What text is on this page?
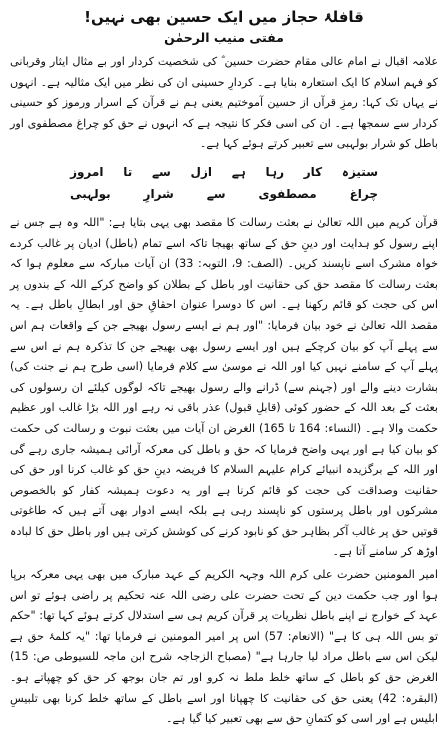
قافلۂ حجاز میں ایک حسین بھی نہیں!
مفتی منیب الرحمٰن

علامہ اقبال نے امام عالی مقام حضرت حسین ؓ کی شخصیت کردار اور بے مثال ایثار وقربانی کو فہم اسلام کا ایک استعارہ بنایا ہے۔ کردارِ حسینی ان کی نظر میں ایک مثالیہ ہے۔ انہوں نے یہاں تک کہا: رمزِ قرآں از حسین آموختیم یعنی ہم نے قرآن کے اسرار ورموز کو حسینی کردار سے سمجھا ہے۔ ان کی اسی فکر کا نتیجہ ہے کہ انہوں نے حق کو چراغ مصطفوی اور باطل کو شرار بولہبی سے تعبیر کرتے ہوئے کہا ہے۔

ستیزہ
کار
رہا
ہے
ازل
سے
تا
امروز
چراغ
مصطفوی
سے
شرارِ
بولہبی

قرآن کریم میں اللہ تعالیٰ نے بعثت رسالت کا مقصد بھی یہی بتایا ہے: "اللہ وہ ہے جس نے اپنے رسول کو ہدایت اور دینِ حق کے ساتھ بھیجا تاکہ اسے تمام (باطل) ادیان پر غالب کردے خواہ مشرک اسے ناپسند کریں۔ (الصف: 9، التوبہ: 33) ان آیات مبارکہ سے معلوم ہوا کہ بعثت رسالت کا مقصد حق کی حقانیت اور باطل کے بطلان کو واضح کرکے اللہ کے بندوں پر اس کی حجت کو قائم رکھنا ہے۔ اس کا دوسرا عنوان احقاقِ حق اور ابطالِ باطل ہے۔ یہ مقصد اللہ تعالیٰ نے خود بیان فرمایا: "اور ہم نے ایسے رسول بھیجے جن کے واقعات ہم اس سے پہلے آپ کو بیان کرچکے ہیں اور ایسے رسول بھی بھیجے جن کا تذکرہ ہم نے اس سے پہلے آپ کے سامنے نہیں کیا اور اللہ نے موسیٰ سے کلام فرمایا (اسی طرح ہم نے جنت کی) بشارت دینے والے اور (جہنم سے) ڈرانے والے رسول بھیجے تاکہ لوگوں کیلئے ان رسولوں کی بعثت کے بعد اللہ کے حضور کوئی (قابلِ قبول) عذر باقی نہ رہے اور اللہ بڑا غالب اور عظیم حکمت والا ہے۔ (النساء: 164 تا 165) الغرض ان آیات میں بعثت نبوت و رسالت کی حکمت کو بیان کیا ہے اور یہی واضح فرمایا کہ حق و باطل کی معرکہ آرائی ہمیشہ جاری رہے گی اور اللہ کے برگزیدہ انبیائے کرام علیہم السلام کا فریضہ دینِ حق کو غالب کرنا اور حق کی حقانیت وصداقت کی حجت کو قائم کرنا ہے اور یہ دعوت ہمیشہ کفار کو بالخصوص مشرکوں اور باطل پرستوں کو ناپسند رہی ہے بلکہ ایسے ادوار بھی آتے ہیں کہ طاغوتی قوتیں حق پر غالب آکر بظاہر حق کو نابود کرنے کی کوشش کرتی ہیں اور باطل حق کا لبادہ اوڑھ کر سامنے آتا ہے۔

امیر المومنین حضرت علی کرم اللہ وجہہ الکریم کے عہد مبارک میں بھی یہی معرکہ برپا ہوا اور جب حکمت دین کے تحت حضرت علی رضی اللہ عنہ تحکیم پر راضی ہوئے تو اس عہد کے خوارج نے اپنے باطل نظریات پر قرآن کریم ہی سے استدلال کرتے ہوئے کہا تھا: "حکم تو بس اللہ ہی کا ہے" (الانعام: 57) اس پر امیر المومنین نے فرمایا تھا: "یہ کلمۂ حق ہے لیکن اس سے باطل مراد لیا جارہا ہے" (مصباح الزجاجہ شرح ابن ماجہ للسیوطی ص: 15) الغرض حق کو باطل کے ساتھ خلط ملط نہ کرو اور تم جان بوجھ کر حق کو چھپاتے ہو۔ (البقرہ: 42) یعنی حق کی حقانیت کا چھپانا اور اسے باطل کے ساتھ خلط کرنا بھی تلبیسِ ابلیس ہے اور اسی کو کتمانِ حق سے بھی تعبیر کیا گیا ہے۔
